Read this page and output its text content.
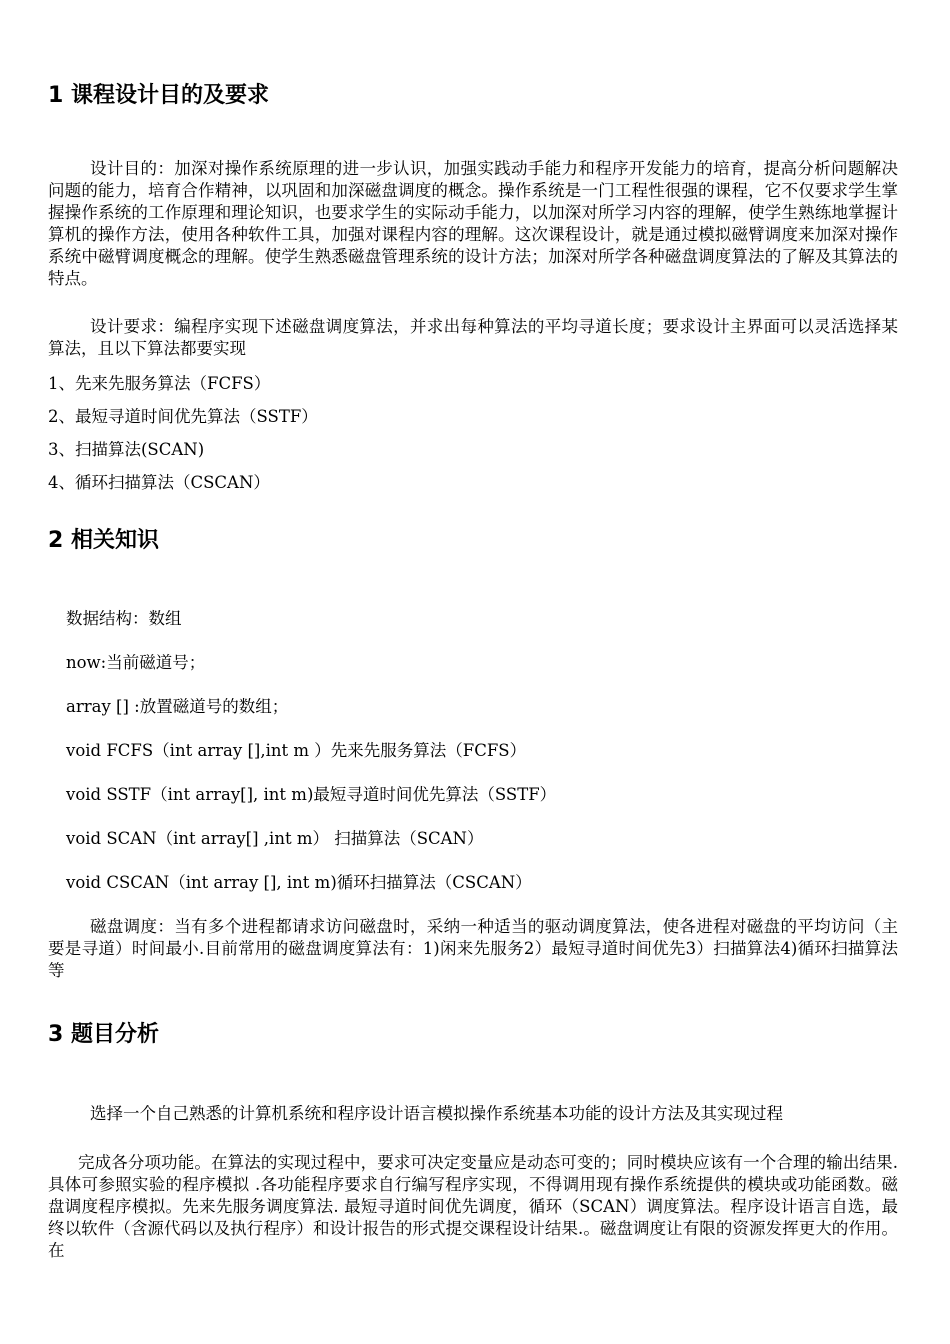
1 课程设计目的及要求

设计目的：加深对操作系统原理的进一步认识，加强实践动手能力和程序开发能力的培育，提高分析问题解决问题的能力，培育合作精神，以巩固和加深磁盘调度的概念。操作系统是一门工程性很强的课程，它不仅要求学生掌握操作系统的工作原理和理论知识，也要求学生的实际动手能力，以加深对所学习内容的理解，使学生熟练地掌握计算机的操作方法，使用各种软件工具，加强对课程内容的理解。这次课程设计，就是通过模拟磁臂调度来加深对操作系统中磁臂调度概念的理解。使学生熟悉磁盘管理系统的设计方法；加深对所学各种磁盘调度算法的了解及其算法的特点。

设计要求：编程序实现下述磁盘调度算法，并求出每种算法的平均寻道长度；要求设计主界面可以灵活选择某算法，且以下算法都要实现

1、先来先服务算法（FCFS）
2、最短寻道时间优先算法（SSTF）
3、扫描算法(SCAN)
4、循环扫描算法（CSCAN）
2 相关知识
数据结构：数组
now:当前磁道号；
array [] :放置磁道号的数组；
void FCFS（int array [],int m ）先来先服务算法（FCFS）
void SSTF（int array[], int m)最短寻道时间优先算法（SSTF）
void SCAN（int array[] ,int m） 扫描算法（SCAN）
void CSCAN（int array [], int m)循环扫描算法（CSCAN）

磁盘调度：当有多个进程都请求访问磁盘时，采纳一种适当的驱动调度算法，使各进程对磁盘的平均访问（主要是寻道）时间最小.目前常用的磁盘调度算法有：1)闲来先服务2）最短寻道时间优先3）扫描算法4)循环扫描算法等

3 题目分析

选择一个自己熟悉的计算机系统和程序设计语言模拟操作系统基本功能的设计方法及其实现过程

完成各分项功能。在算法的实现过程中，要求可决定变量应是动态可变的；同时模块应该有一个合理的输出结果.具体可参照实验的程序模拟 .各功能程序要求自行编写程序实现，不得调用现有操作系统提供的模块或功能函数。磁盘调度程序模拟。先来先服务调度算法. 最短寻道时间优先调度，循环（SCAN）调度算法。程序设计语言自选，最终以软件（含源代码以及执行程序）和设计报告的形式提交课程设计结果.。磁盘调度让有限的资源发挥更大的作用。在
